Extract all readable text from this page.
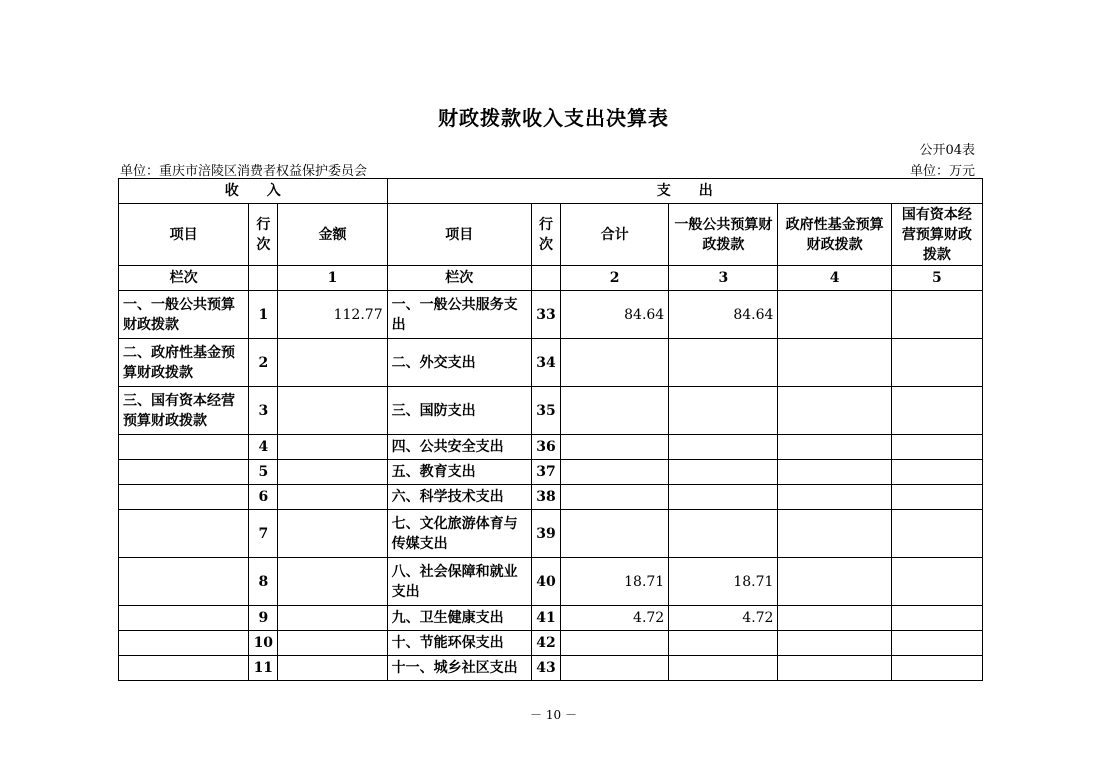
财政拨款收入支出决算表
公开04表
单位：重庆市涪陵区消费者权益保护委员会	单位：万元
收　　入			支　　出					
项目	行次	金额	项目	行次	合计	一般公共预算财政拨款	政府性基金预算财政拨款	国有资本经营预算财政拨款
栏次		1	栏次		2	3	4	5
一、一般公共预算财政拨款	1	112.77	一、一般公共服务支出	33	84.64	84.64		
二、政府性基金预算财政拨款	2		二、外交支出	34				
三、国有资本经营预算财政拨款	3		三、国防支出	35				
	4		四、公共安全支出	36				
	5		五、教育支出	37				
	6		六、科学技术支出	38				
	7		七、文化旅游体育与传媒支出	39				
	8		八、社会保障和就业支出	40	18.71	18.71		
	9		九、卫生健康支出	41	4.72	4.72		
	10		十、节能环保支出	42				
	11		十一、城乡社区支出	43				
－ 10 －
